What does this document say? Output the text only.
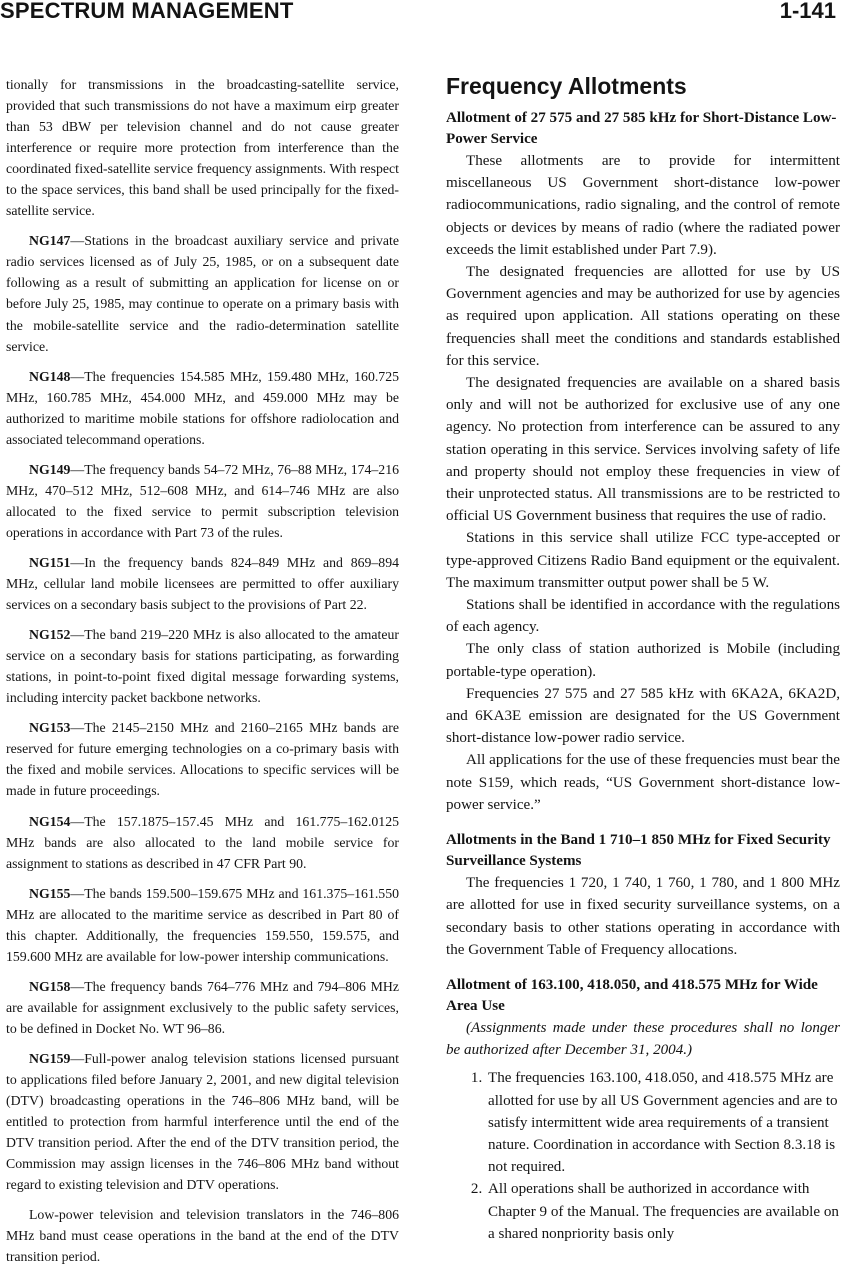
SPECTRUM MANAGEMENT	1-141

tionally for transmissions in the broadcasting-satellite service, provided that such transmissions do not have a maximum eirp greater than 53 dBW per television channel and do not cause greater interference or require more protection from interference than the coordinated fixed-satellite service frequency assignments. With respect to the space services, this band shall be used principally for the fixed-satellite service.

NG147—Stations in the broadcast auxiliary service and private radio services licensed as of July 25, 1985, or on a subsequent date following as a result of submitting an application for license on or before July 25, 1985, may continue to operate on a primary basis with the mobile-satellite service and the radio-determination satellite service.

NG148—The frequencies 154.585 MHz, 159.480 MHz, 160.725 MHz, 160.785 MHz, 454.000 MHz, and 459.000 MHz may be authorized to maritime mobile stations for offshore radiolocation and associated telecommand operations.

NG149—The frequency bands 54–72 MHz, 76–88 MHz, 174–216 MHz, 470–512 MHz, 512–608 MHz, and 614–746 MHz are also allocated to the fixed service to permit subscription television operations in accordance with Part 73 of the rules.

NG151—In the frequency bands 824–849 MHz and 869–894 MHz, cellular land mobile licensees are permitted to offer auxiliary services on a secondary basis subject to the provisions of Part 22.

NG152—The band 219–220 MHz is also allocated to the amateur service on a secondary basis for stations participating, as forwarding stations, in point-to-point fixed digital message forwarding systems, including intercity packet backbone networks.

NG153—The 2145–2150 MHz and 2160–2165 MHz bands are reserved for future emerging technologies on a co-primary basis with the fixed and mobile services. Allocations to specific services will be made in future proceedings.

NG154—The 157.1875–157.45 MHz and 161.775–162.0125 MHz bands are also allocated to the land mobile service for assignment to stations as described in 47 CFR Part 90.

NG155—The bands 159.500–159.675 MHz and 161.375–161.550 MHz are allocated to the maritime service as described in Part 80 of this chapter. Additionally, the frequencies 159.550, 159.575, and 159.600 MHz are available for low-power intership communications.

NG158—The frequency bands 764–776 MHz and 794–806 MHz are available for assignment exclusively to the public safety services, to be defined in Docket No. WT 96–86.

NG159—Full-power analog television stations licensed pursuant to applications filed before January 2, 2001, and new digital television (DTV) broadcasting operations in the 746–806 MHz band, will be entitled to protection from harmful interference until the end of the DTV transition period. After the end of the DTV transition period, the Commission may assign licenses in the 746–806 MHz band without regard to existing television and DTV operations.

Low-power television and television translators in the 746–806 MHz band must cease operations in the band at the end of the DTV transition period.

Frequency Allotments
Allotment of 27 575 and 27 585 kHz for Short-Distance Low-Power Service

These allotments are to provide for intermittent miscellaneous US Government short-distance low-power radiocommunications, radio signaling, and the control of remote objects or devices by means of radio (where the radiated power exceeds the limit established under Part 7.9).

The designated frequencies are allotted for use by US Government agencies and may be authorized for use by agencies as required upon application. All stations operating on these frequencies shall meet the conditions and standards established for this service.

The designated frequencies are available on a shared basis only and will not be authorized for exclusive use of any one agency. No protection from interference can be assured to any station operating in this service. Services involving safety of life and property should not employ these frequencies in view of their unprotected status. All transmissions are to be restricted to official US Government business that requires the use of radio.

Stations in this service shall utilize FCC type-accepted or type-approved Citizens Radio Band equipment or the equivalent. The maximum transmitter output power shall be 5 W.

Stations shall be identified in accordance with the regulations of each agency.

The only class of station authorized is Mobile (including portable-type operation).

Frequencies 27 575 and 27 585 kHz with 6KA2A, 6KA2D, and 6KA3E emission are designated for the US Government short-distance low-power radio service.

All applications for the use of these frequencies must bear the note S159, which reads, “US Government short-distance low-power service.”

Allotments in the Band 1 710–1 850 MHz for Fixed Security Surveillance Systems

The frequencies 1 720, 1 740, 1 760, 1 780, and 1 800 MHz are allotted for use in fixed security surveillance systems, on a secondary basis to other stations operating in accordance with the Government Table of Frequency allocations.

Allotment of 163.100, 418.050, and 418.575 MHz for Wide Area Use

(Assignments made under these procedures shall no longer be authorized after December 31, 2004.)

1. The frequencies 163.100, 418.050, and 418.575 MHz are allotted for use by all US Government agencies and are to satisfy intermittent wide area requirements of a transient nature. Coordination in accordance with Section 8.3.18 is not required.
2. All operations shall be authorized in accordance with Chapter 9 of the Manual. The frequencies are available on a shared nonpriority basis only
